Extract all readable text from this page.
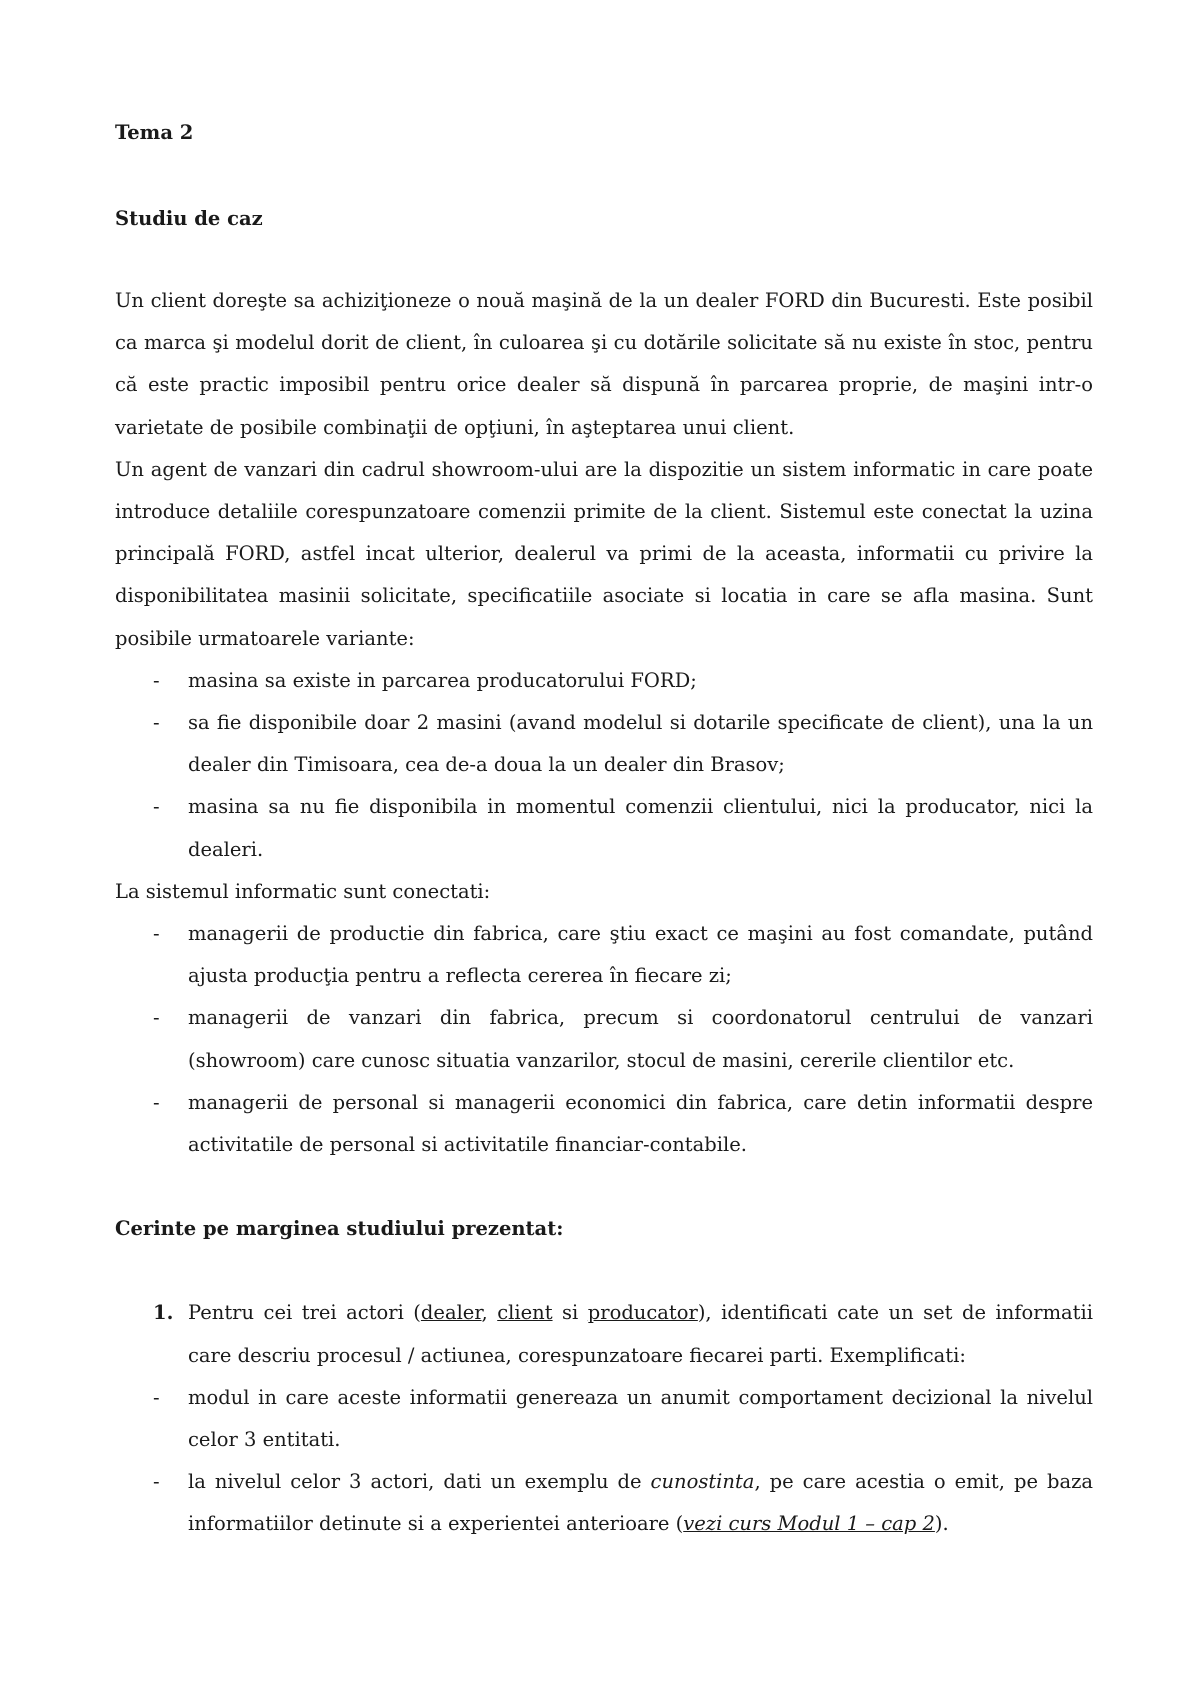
Tema 2

Studiu de caz

Un client doreşte sa achiziţioneze o nouă maşină de la un dealer FORD din Bucuresti. Este posibil ca marca şi modelul dorit de client, în culoarea şi cu dotările solicitate să nu existe în stoc, pentru că este practic imposibil pentru orice dealer să dispună în parcarea proprie, de maşini intr-o varietate de posibile combinaţii de opţiuni, în aşteptarea unui client.

Un agent de vanzari din cadrul showroom-ului are la dispozitie un sistem informatic in care poate introduce detaliile corespunzatoare comenzii primite de la client. Sistemul este conectat la uzina principală FORD, astfel incat ulterior, dealerul va primi de la aceasta, informatii cu privire la disponibilitatea masinii solicitate, specificatiile asociate si locatia in care se afla masina. Sunt posibile urmatoarele variante:

- masina sa existe in parcarea producatorului FORD;
- sa fie disponibile doar 2 masini (avand modelul si dotarile specificate de client), una la un dealer din Timisoara, cea de-a doua la un dealer din Brasov;
- masina sa nu fie disponibila in momentul comenzii clientului, nici la producator, nici la dealeri.

La sistemul informatic sunt conectati:

- managerii de productie din fabrica, care ştiu exact ce maşini au fost comandate, putând ajusta producţia pentru a reflecta cererea în fiecare zi;
- managerii de vanzari din fabrica, precum si coordonatorul centrului de vanzari (showroom) care cunosc situatia vanzarilor, stocul de masini, cererile clientilor etc.
- managerii de personal si managerii economici din fabrica, care detin informatii despre activitatile de personal si activitatile financiar-contabile.

Cerinte pe marginea studiului prezentat:

1. Pentru cei trei actori (dealer, client si producator), identificati cate un set de informatii care descriu procesul / actiunea, corespunzatoare fiecarei parti. Exemplificati:
- modul in care aceste informatii genereaza un anumit comportament decizional la nivelul celor 3 entitati.
- la nivelul celor 3 actori, dati un exemplu de cunostinta, pe care acestia o emit, pe baza informatiilor detinute si a experientei anterioare (vezi curs Modul 1 – cap 2).
